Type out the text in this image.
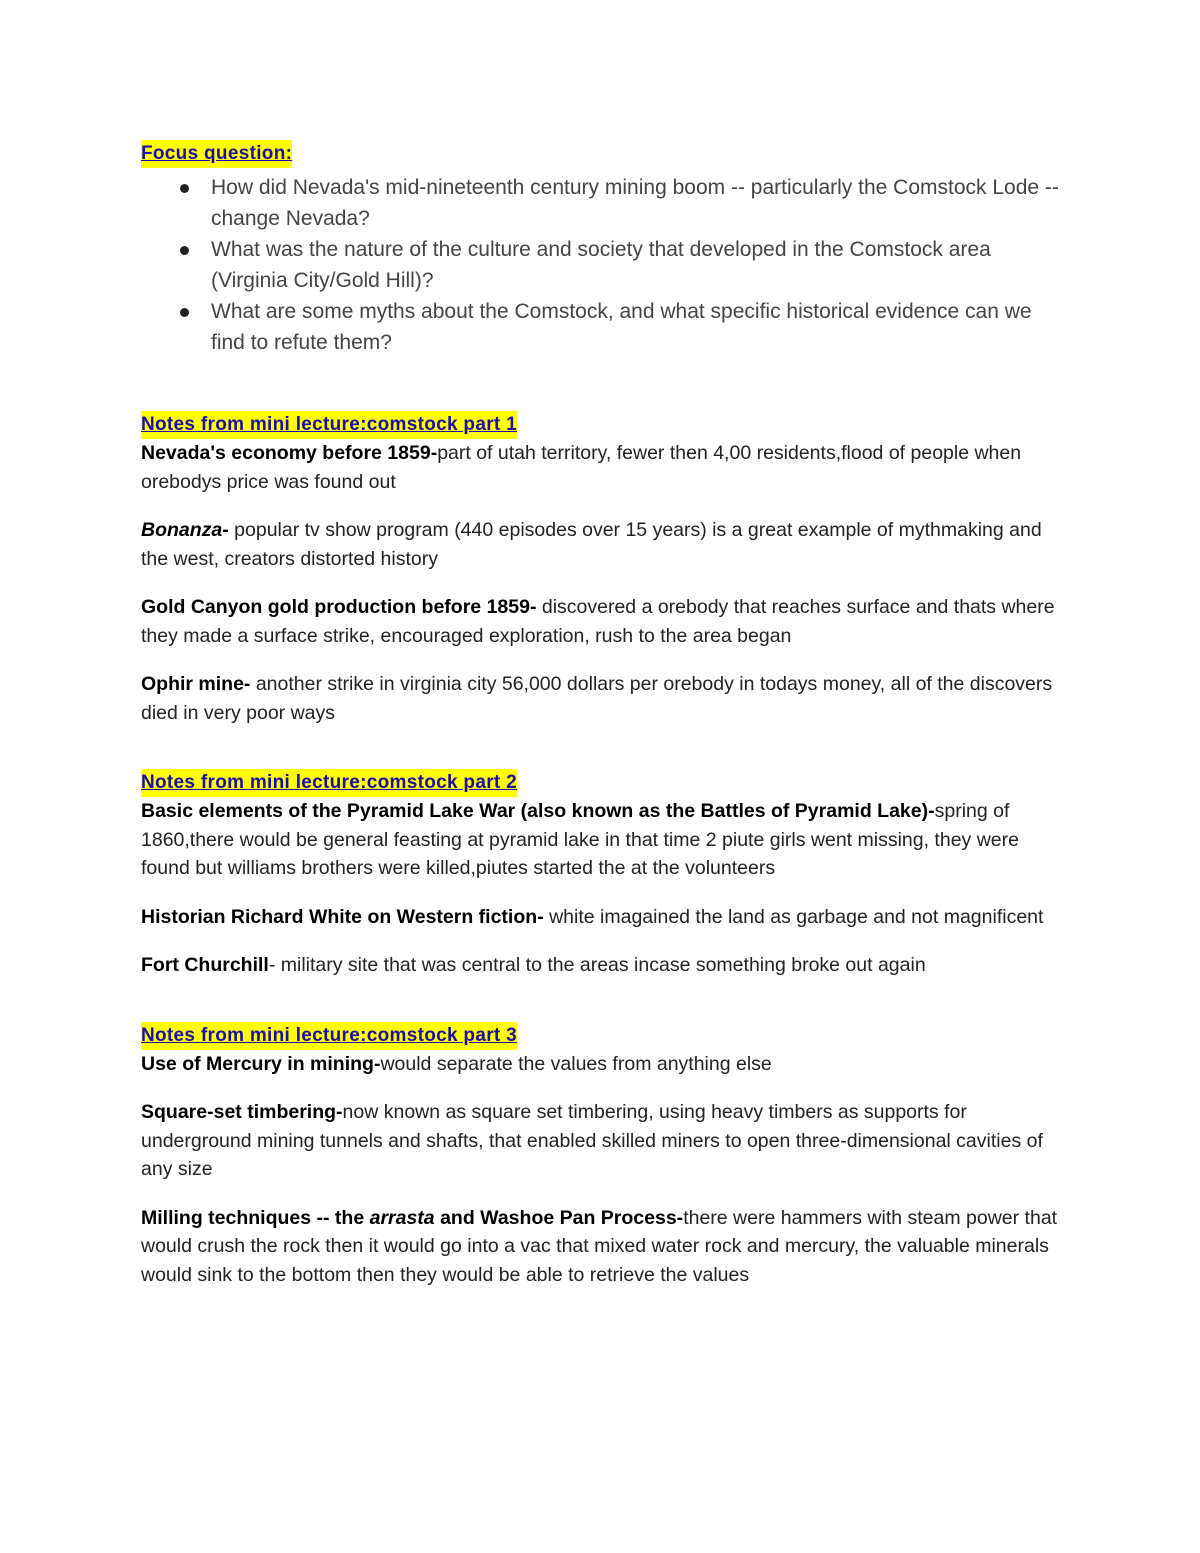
Focus question:
How did Nevada's mid-nineteenth century mining boom -- particularly the Comstock Lode -- change Nevada?
What was the nature of the culture and society that developed in the Comstock area (Virginia City/Gold Hill)?
What are some myths about the Comstock, and what specific historical evidence can we find to refute them?
Notes from mini lecture:comstock part 1

Nevada's economy before 1859-part of utah territory, fewer then 4,00 residents,flood of people when orebodys price was found out

Bonanza- popular tv show program (440 episodes over 15 years) is a great example of mythmaking and the west, creators distorted history

Gold Canyon gold production before 1859- discovered a orebody that reaches surface and thats where they made a surface strike, encouraged exploration, rush to the area began

Ophir mine- another strike in virginia city 56,000 dollars per orebody in todays money, all of the discovers died in very poor ways

Notes from mini lecture:comstock part 2

Basic elements of the Pyramid Lake War (also known as the Battles of Pyramid Lake)-spring of 1860,there would be general feasting at pyramid lake in that time 2 piute girls went missing, they were found but williams brothers were killed,piutes started the at the volunteers

Historian Richard White on Western fiction- white imagained the land as garbage and not magnificent

Fort Churchill- military site that was central to the areas incase something broke out again

Notes from mini lecture:comstock part 3

Use of Mercury in mining-would separate the values from anything else

Square-set timbering-now known as square set timbering, using heavy timbers as supports for underground mining tunnels and shafts, that enabled skilled miners to open three-dimensional cavities of any size

Milling techniques -- the arrasta and Washoe Pan Process-there were hammers with steam power that would crush the rock then it would go into a vac that mixed water rock and mercury, the valuable minerals would sink to the bottom then they would be able to retrieve the values
